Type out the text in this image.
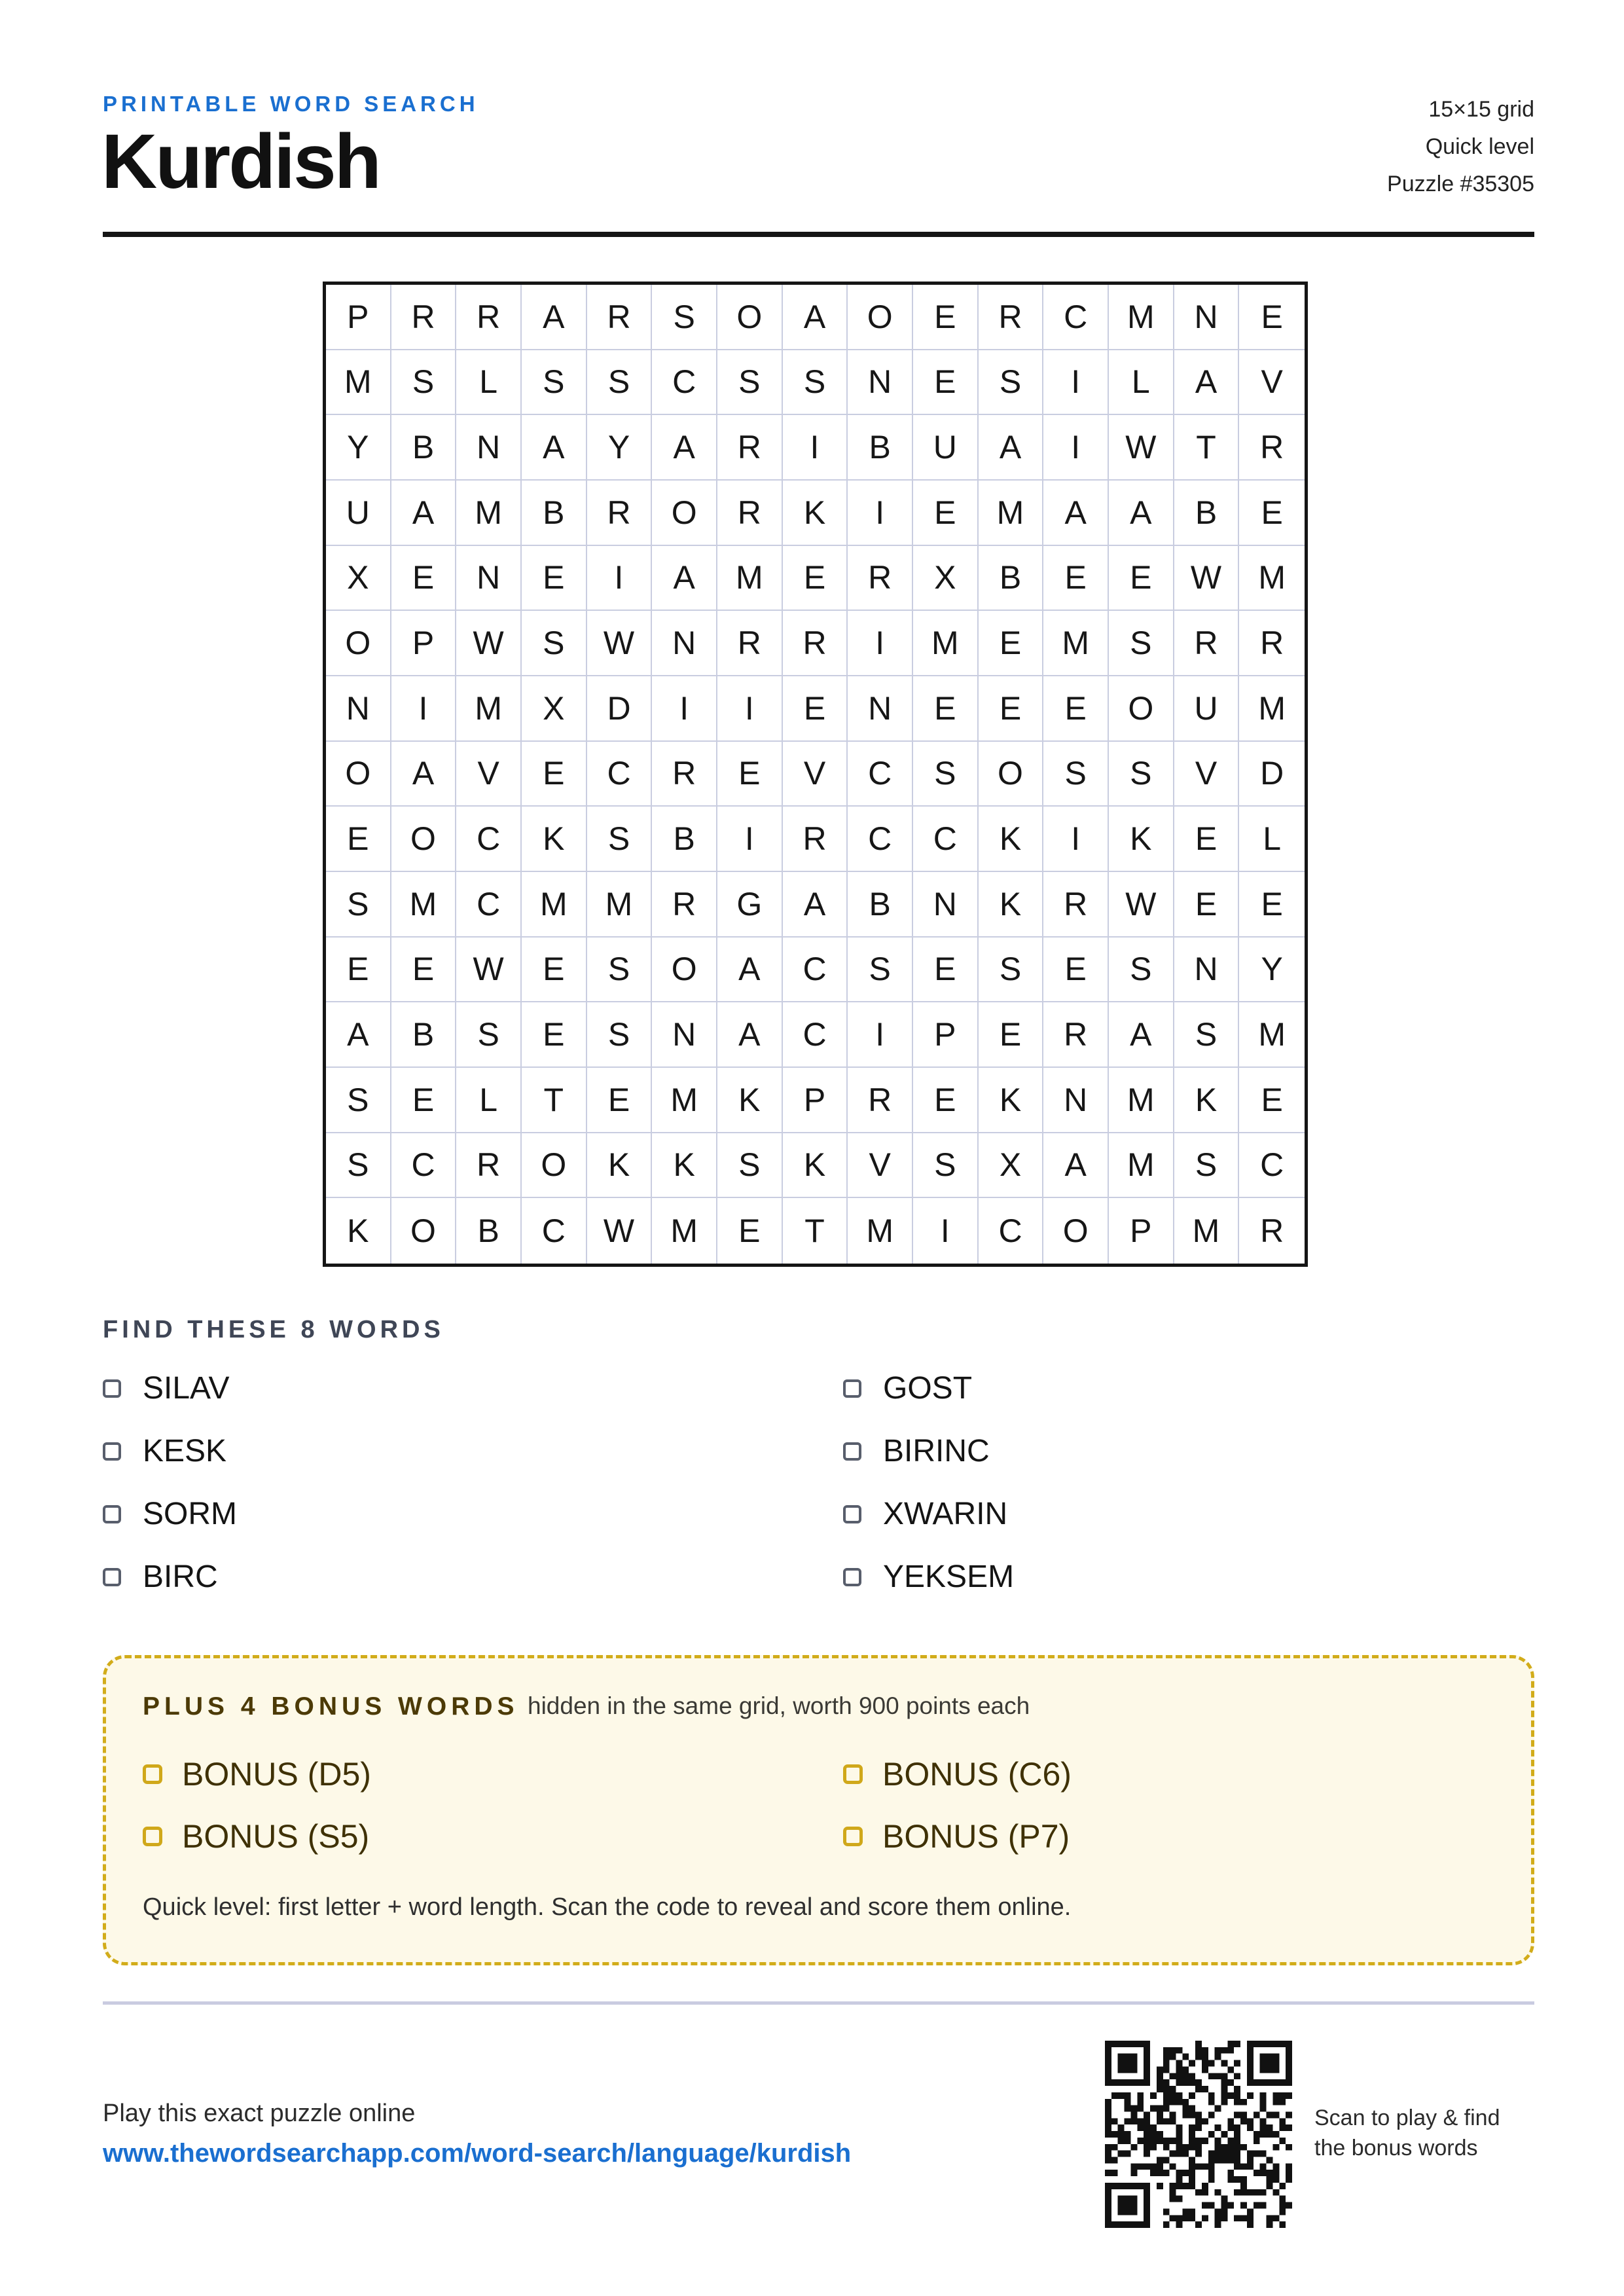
PRINTABLE WORD SEARCH
Kurdish
15×15 grid
Quick level
Puzzle #35305
P	R	R	A	R	S	O	A	O	E	R	C	M	N	E
M	S	L	S	S	C	S	S	N	E	S	I	L	A	V
Y	B	N	A	Y	A	R	I	B	U	A	I	W	T	R
U	A	M	B	R	O	R	K	I	E	M	A	A	B	E
X	E	N	E	I	A	M	E	R	X	B	E	E	W	M
O	P	W	S	W	N	R	R	I	M	E	M	S	R	R
N	I	M	X	D	I	I	E	N	E	E	E	O	U	M
O	A	V	E	C	R	E	V	C	S	O	S	S	V	D
E	O	C	K	S	B	I	R	C	C	K	I	K	E	L
S	M	C	M	M	R	G	A	B	N	K	R	W	E	E
E	E	W	E	S	O	A	C	S	E	S	E	S	N	Y
A	B	S	E	S	N	A	C	I	P	E	R	A	S	M
S	E	L	T	E	M	K	P	R	E	K	N	M	K	E
S	C	R	O	K	K	S	K	V	S	X	A	M	S	C
K	O	B	C	W	M	E	T	M	I	C	O	P	M	R
FIND THESE 8 WORDS
SILAV	GOST
KESK	BIRINC
SORM	XWARIN
BIRC	YEKSEM
PLUS 4 BONUS WORDS hidden in the same grid, worth 900 points each
BONUS (D5)	BONUS (C6)
BONUS (S5)	BONUS (P7)
Quick level: first letter + word length. Scan the code to reveal and score them online.
Play this exact puzzle online
www.thewordsearchapp.com/word-search/language/kurdish
Scan to play & find
the bonus words
